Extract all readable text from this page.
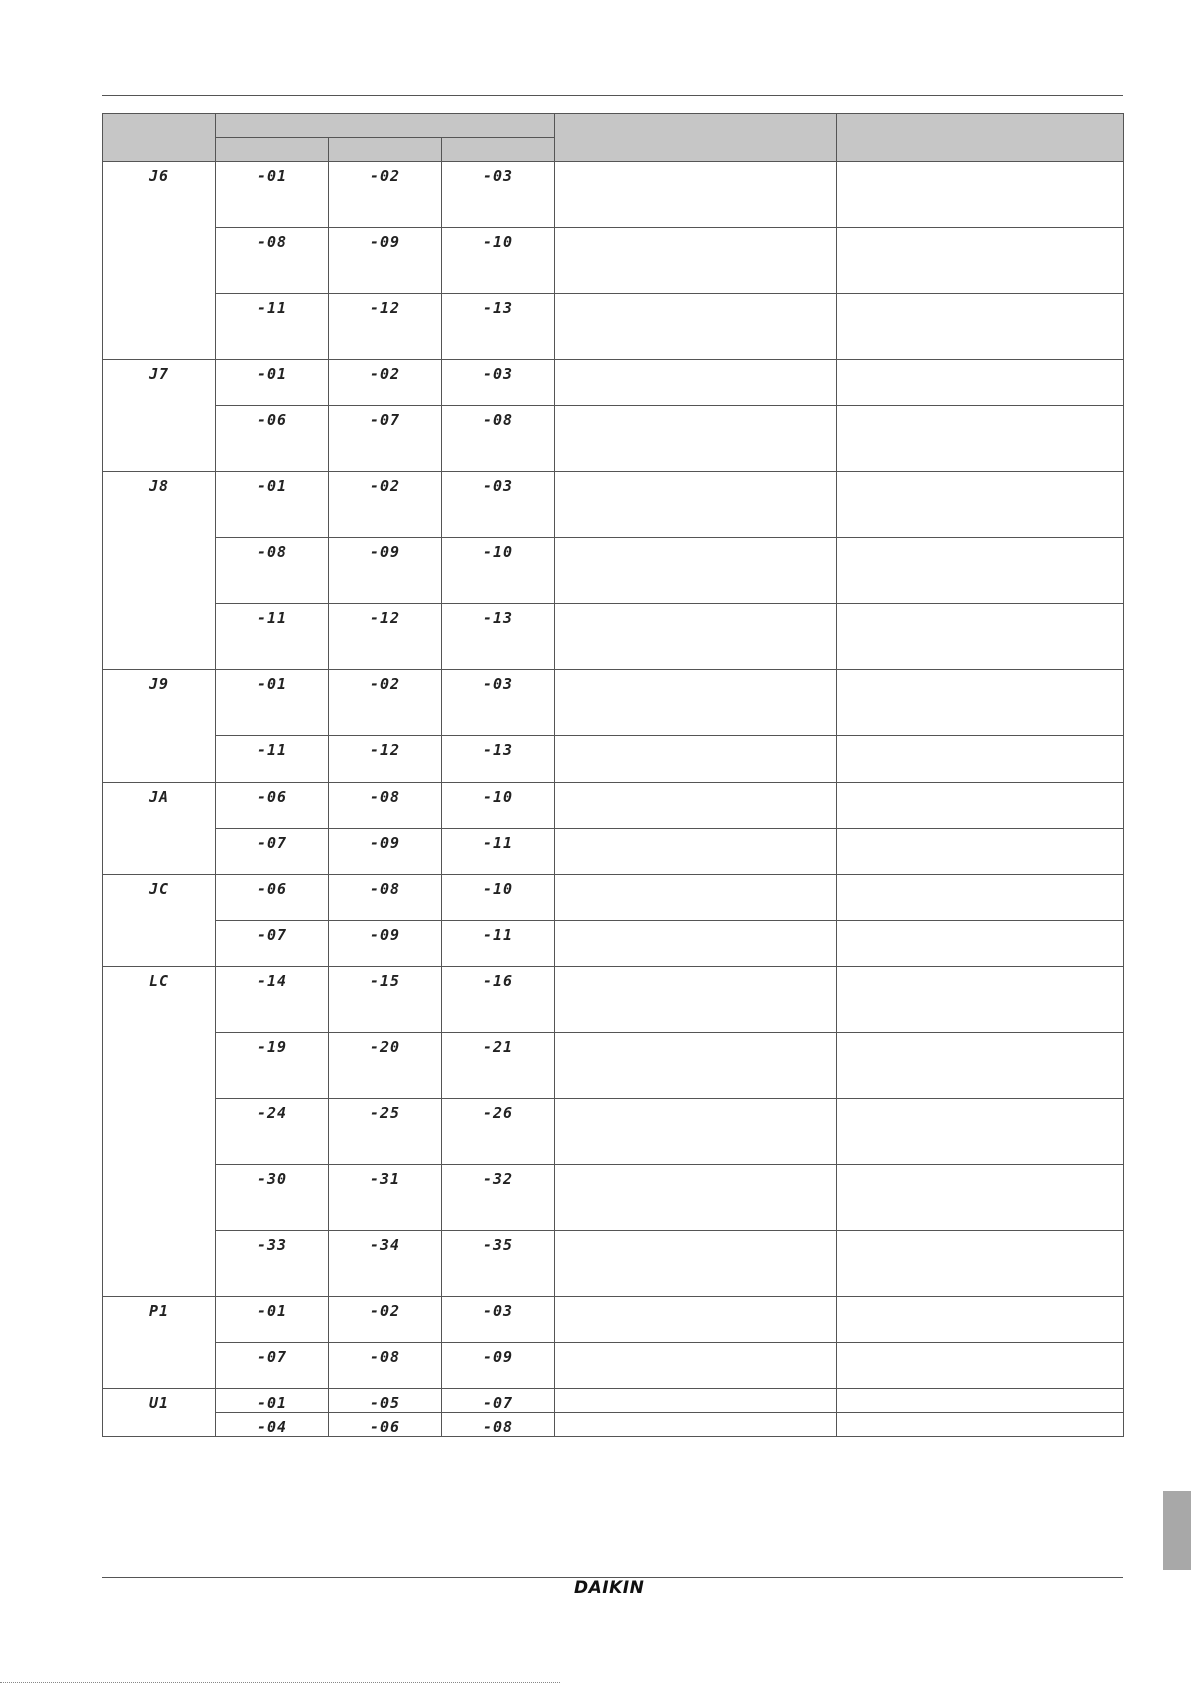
J6	-01	-02	-03		
	-08	-09	-10		
	-11	-12	-13		
J7	-01	-02	-03		
	-06	-07	-08		
J8	-01	-02	-03		
	-08	-09	-10		
	-11	-12	-13		
J9	-01	-02	-03		
	-11	-12	-13		
JA	-06	-08	-10		
	-07	-09	-11		
JC	-06	-08	-10		
	-07	-09	-11		
LC	-14	-15	-16		
	-19	-20	-21		
	-24	-25	-26		
	-30	-31	-32		
	-33	-34	-35		
P1	-01	-02	-03		
	-07	-08	-09		
U1	-01	-05	-07		
	-04	-06	-08		
DAIKIN
